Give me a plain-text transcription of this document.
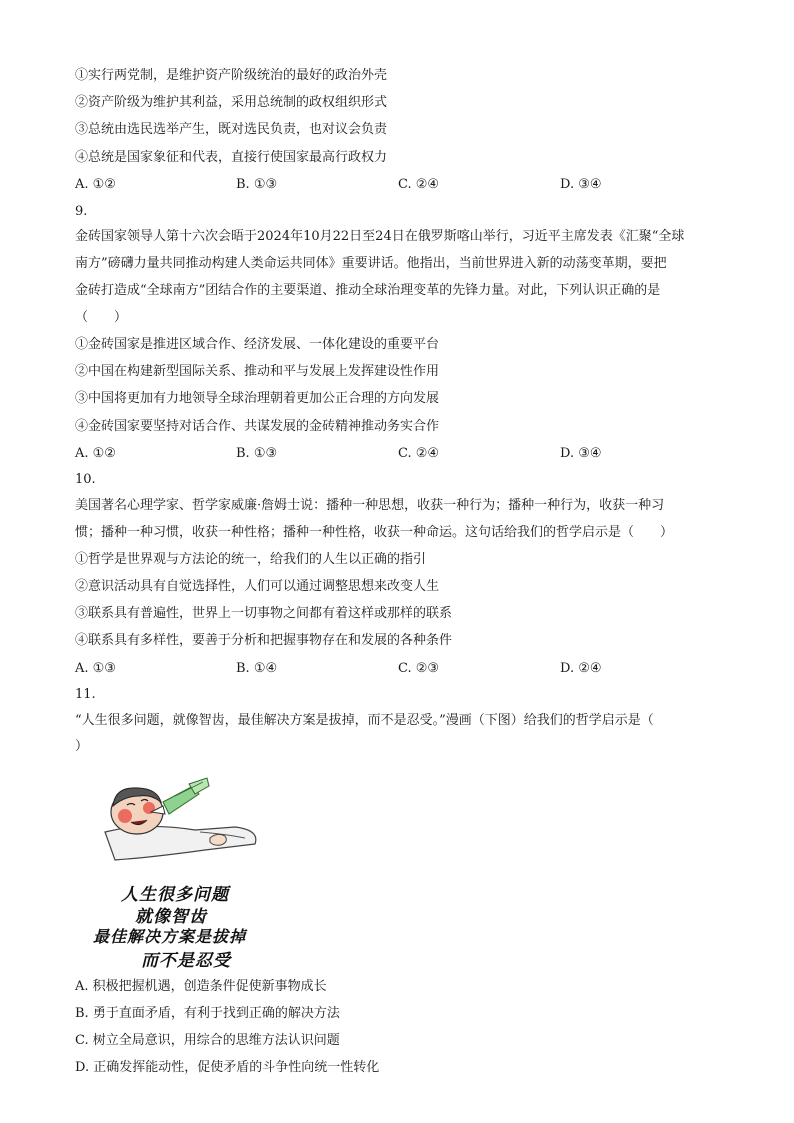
①实行两党制，是维护资产阶级统治的最好的政治外壳
②资产阶级为维护其利益，采用总统制的政权组织形式
③总统由选民选举产生，既对选民负责，也对议会负责
④总统是国家象征和代表，直接行使国家最高行政权力
A. ①②	B. ①③	C. ②④	D. ③④
9.
金砖国家领导人第十六次会晤于2024年10月22日至24日在俄罗斯喀山举行，习近平主席发表《汇聚“全球
南方”磅礴力量共同推动构建人类命运共同体》重要讲话。他指出，当前世界进入新的动荡变革期，要把
金砖打造成“全球南方”团结合作的主要渠道、推动全球治理变革的先锋力量。对此，下列认识正确的是
（　　）
①金砖国家是推进区域合作、经济发展、一体化建设的重要平台
②中国在构建新型国际关系、推动和平与发展上发挥建设性作用
③中国将更加有力地领导全球治理朝着更加公正合理的方向发展
④金砖国家要坚持对话合作、共谋发展的金砖精神推动务实合作
A. ①②	B. ①③	C. ②④	D. ③④
10.
美国著名心理学家、哲学家威廉·詹姆士说：播种一种思想，收获一种行为；播种一种行为，收获一种习
惯；播种一种习惯，收获一种性格；播种一种性格，收获一种命运。这句话给我们的哲学启示是（　　）
①哲学是世界观与方法论的统一，给我们的人生以正确的指引
②意识活动具有自觉选择性，人们可以通过调整思想来改变人生
③联系具有普遍性，世界上一切事物之间都有着这样或那样的联系
④联系具有多样性，要善于分析和把握事物存在和发展的各种条件
A. ①③	B. ①④	C. ②③	D. ②④
11.
“人生很多问题，就像智齿，最佳解决方案是拔掉，而不是忍受。”漫画（下图）给我们的哲学启示是（
）
人生很多问题
就像智齿
最佳解决方案是拔掉
而不是忍受
A. 积极把握机遇，创造条件促使新事物成长
B. 勇于直面矛盾，有利于找到正确的解决方法
C. 树立全局意识，用综合的思维方法认识问题
D. 正确发挥能动性，促使矛盾的斗争性向统一性转化
